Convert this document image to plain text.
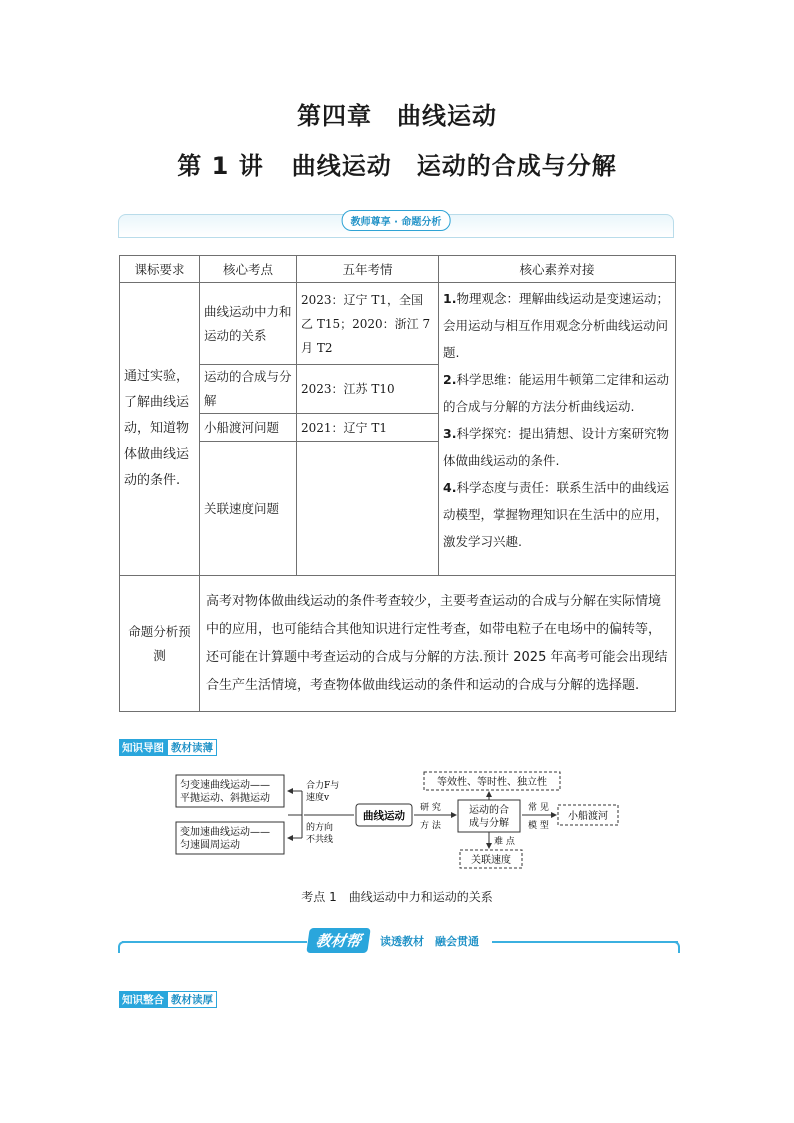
第四章　曲线运动
第 1 讲 曲线运动　运动的合成与分解
教师尊享 · 命题分析
课标要求	核心考点	五年考情	核心素养对接
通过实验，了解曲线运动，知道物体做曲线运动的条件.	曲线运动中力和运动的关系	2023：辽宁 T1，全国乙 T15；2020：浙江 7 月 T2	1.物理观念：理解曲线运动是变速运动；会用运动与相互作用观念分析曲线运动问题.
2.科学思维：能运用牛顿第二定律和运动的合成与分解的方法分析曲线运动.
3.科学探究：提出猜想、设计方案研究物体做曲线运动的条件.
4.科学态度与责任：联系生活中的曲线运动模型，掌握物理知识在生活中的应用，激发学习兴趣.

	运动的合成与分解	2023：江苏 T10	
	小船渡河问题	2021：辽宁 T1	
	关联速度问题		
命题分析预测	高考对物体做曲线运动的条件考查较少，主要考查运动的合成与分解在实际情境中的应用，也可能结合其他知识进行定性考查，如带电粒子在电场中的偏转等，还可能在计算题中考查运动的合成与分解的方法.预计 2025 年高考可能会出现结合生产生活情境，考查物体做曲线运动的条件和运动的合成与分解的选择题.		
知识导图 教材读薄
匀变速曲线运动——
平抛运动、斜抛运动
变加速曲线运动——
匀速圆周运动
合力F与
速度v
的方向
不共线
曲线运动
研 究
方 法
运动的合
成与分解
等效性、等时性、独立性
常 见
模 型
小船渡河
难 点
关联速度
考点 1　曲线运动中力和运动的关系
教材帮	读透教材　融会贯通
知识整合 教材读厚
